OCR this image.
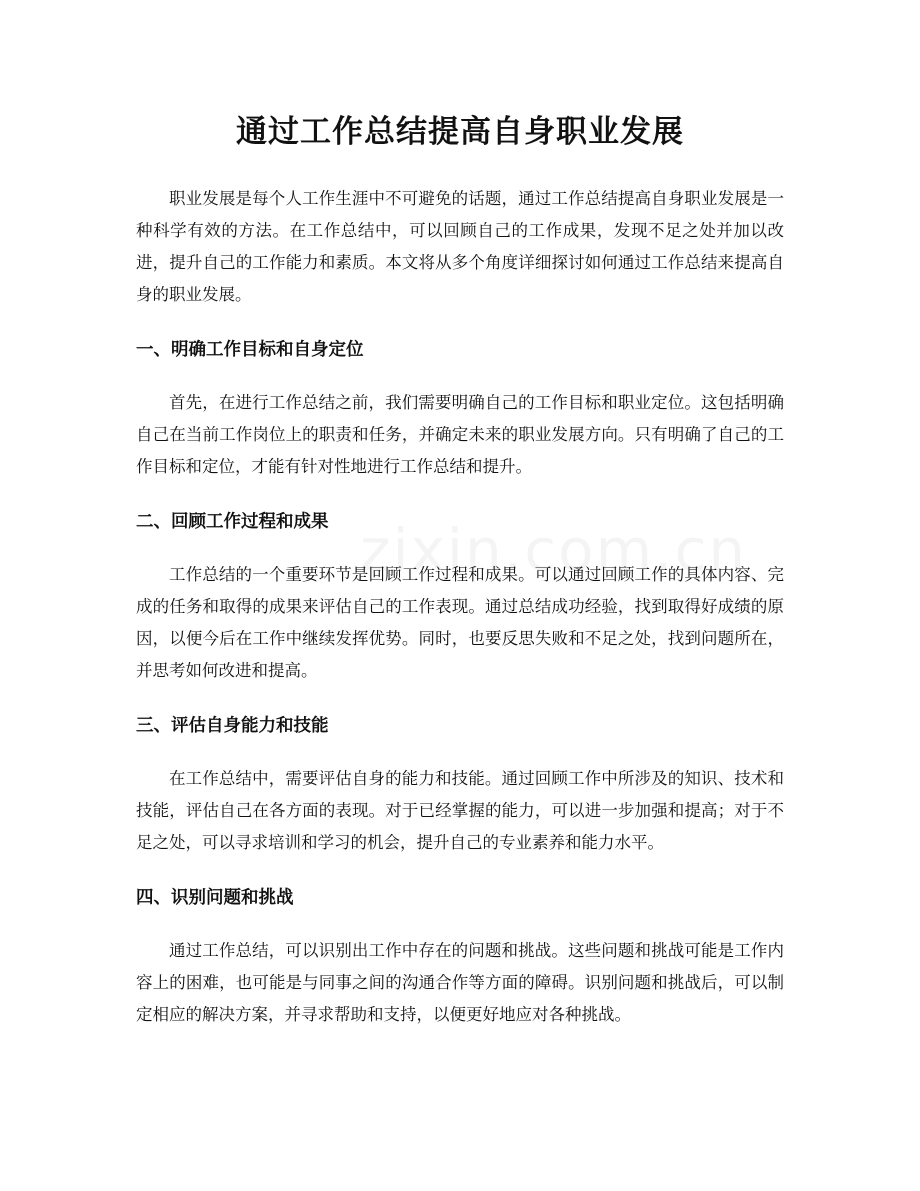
通过工作总结提高自身职业发展

职业发展是每个人工作生涯中不可避免的话题，通过工作总结提高自身职业发展是一种科学有效的方法。在工作总结中，可以回顾自己的工作成果，发现不足之处并加以改进，提升自己的工作能力和素质。本文将从多个角度详细探讨如何通过工作总结来提高自身的职业发展。

一、明确工作目标和自身定位

首先，在进行工作总结之前，我们需要明确自己的工作目标和职业定位。这包括明确自己在当前工作岗位上的职责和任务，并确定未来的职业发展方向。只有明确了自己的工作目标和定位，才能有针对性地进行工作总结和提升。

二、回顾工作过程和成果

工作总结的一个重要环节是回顾工作过程和成果。可以通过回顾工作的具体内容、完成的任务和取得的成果来评估自己的工作表现。通过总结成功经验，找到取得好成绩的原因，以便今后在工作中继续发挥优势。同时，也要反思失败和不足之处，找到问题所在，并思考如何改进和提高。

三、评估自身能力和技能

在工作总结中，需要评估自身的能力和技能。通过回顾工作中所涉及的知识、技术和技能，评估自己在各方面的表现。对于已经掌握的能力，可以进一步加强和提高；对于不足之处，可以寻求培训和学习的机会，提升自己的专业素养和能力水平。

四、识别问题和挑战

通过工作总结，可以识别出工作中存在的问题和挑战。这些问题和挑战可能是工作内容上的困难，也可能是与同事之间的沟通合作等方面的障碍。识别问题和挑战后，可以制定相应的解决方案，并寻求帮助和支持，以便更好地应对各种挑战。
